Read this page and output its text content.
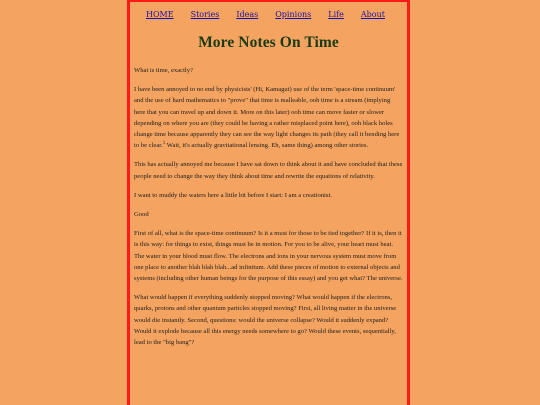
HOME Stories Ideas Opinions Life About
More Notes On Time

What is time, exactly?

I have been annoyed to no end by physicists' (Hi, Kamagut) use of the term 'space-time continuum' and the use of hard mathematics to "prove" that time is malleable, ooh time is a stream (implying here that you can travel up and down it. More on this later) ooh time can move faster or slower depending on where you are (they could be having a rather misplaced point here), ooh black holes change time because apparently they can see the way light changes its path (they call it bending here to be clear.$^1$ Wait, it's actually gravitational lensing. Eh, same thing) among other stories.

This has actually annoyed me because I have sat down to think about it and have concluded that these people need to change the way they think about time and rewrite the equations of relativity.

I want to muddy the waters here a little bit before I start: I am a creationist.

Good

First of all, what is the space-time continuum? Is it a must for those to be tied together? If it is, then it is this way: for things to exist, things must be in motion. For you to be alive, your heart must beat. The water in your blood must flow. The electrons and ions in your nervous system must move from one place to another blah blah blah...ad infinitum. Add these pieces of motion to external objects and systems (including other human beings for the purpose of this essay) and you get what? The universe.

What would happen if everything suddenly stopped moving? What would happen if the electrons, quarks, protons and other quantum particles stopped moving? First, all living matter in the universe would die instantly. Second, questions: would the universe collapse? Would it suddenly expand? Would it explode because all this energy needs somewhere to go? Would these events, sequentially, lead to the "big bang"?
